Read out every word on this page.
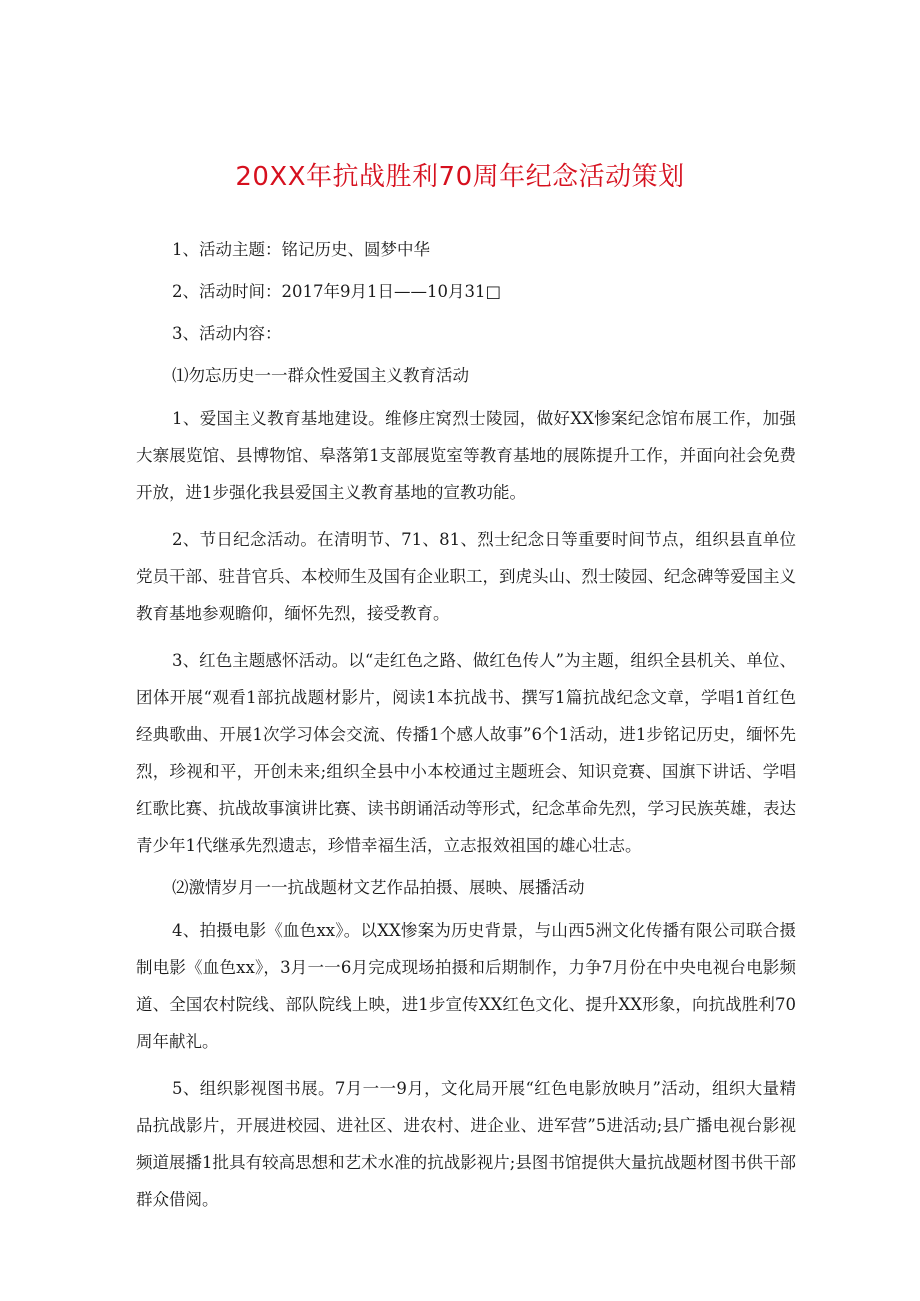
20XX年抗战胜利70周年纪念活动策划

1、活动主题：铭记历史、圆梦中华

2、活动时间：2017年9月1日——10月31□

3、活动内容：

⑴勿忘历史一一群众性爱国主义教育活动

1、爱国主义教育基地建设。维修庄窝烈士陵园，做好XX惨案纪念馆布展工作，加强大寨展览馆、县博物馆、皋落第1支部展览室等教育基地的展陈提升工作，并面向社会免费开放，进1步强化我县爱国主义教育基地的宣教功能。

2、节日纪念活动。在清明节、71、81、烈士纪念日等重要时间节点，组织县直单位党员干部、驻昔官兵、本校师生及国有企业职工，到虎头山、烈士陵园、纪念碑等爱国主义教育基地参观瞻仰，缅怀先烈，接受教育。

3、红色主题感怀活动。以“走红色之路、做红色传人”为主题，组织全县机关、单位、团体开展“观看1部抗战题材影片，阅读1本抗战书、撰写1篇抗战纪念文章，学唱1首红色经典歌曲、开展1次学习体会交流、传播1个感人故事”6个1活动，进1步铭记历史，缅怀先烈，珍视和平，开创未来;组织全县中小本校通过主题班会、知识竞赛、国旗下讲话、学唱红歌比赛、抗战故事演讲比赛、读书朗诵活动等形式，纪念革命先烈，学习民族英雄，表达青少年1代继承先烈遗志，珍惜幸福生活，立志报效祖国的雄心壮志。

⑵激情岁月一一抗战题材文艺作品拍摄、展映、展播活动

4、拍摄电影《血色xx》。以XX惨案为历史背景，与山西5洲文化传播有限公司联合摄制电影《血色xx》，3月一一6月完成现场拍摄和后期制作，力争7月份在中央电视台电影频道、全国农村院线、部队院线上映，进1步宣传XX红色文化、提升XX形象，向抗战胜利70周年献礼。

5、组织影视图书展。7月一一9月，文化局开展“红色电影放映月”活动，组织大量精品抗战影片，开展进校园、进社区、进农村、进企业、进军营”5进活动;县广播电视台影视频道展播1批具有较高思想和艺术水准的抗战影视片;县图书馆提供大量抗战题材图书供干部群众借阅。
